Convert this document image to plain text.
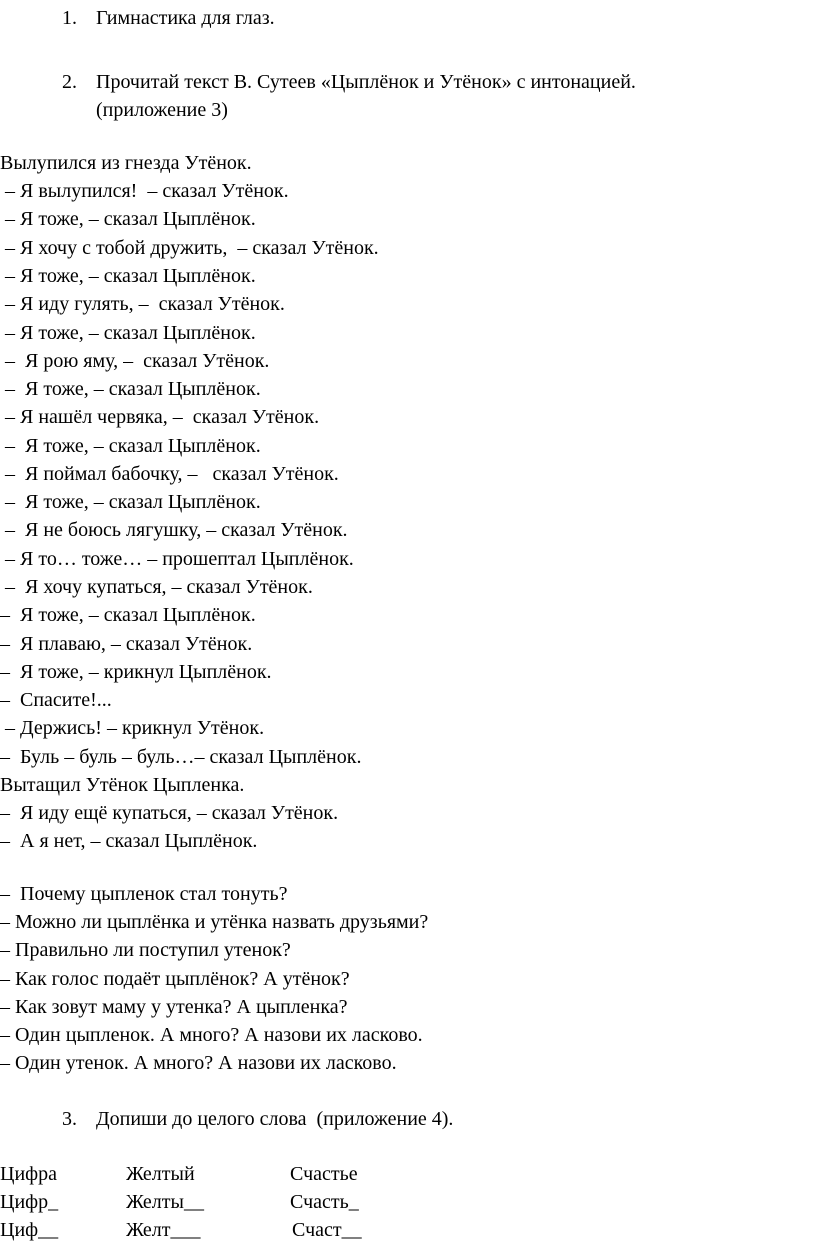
1. Гимнастика для глаз.
2. Прочитай текст В. Сутеев «Цыплёнок и Утёнок» с интонацией.
(приложение 3)
Вылупился из гнезда Утёнок.
– Я вылупился!  – сказал Утёнок.
– Я тоже, – сказал Цыплёнок.
– Я хочу с тобой дружить,  – сказал Утёнок.
– Я тоже, – сказал Цыплёнок.
– Я иду гулять, –  сказал Утёнок.
– Я тоже, – сказал Цыплёнок.
–  Я рою яму, –  сказал Утёнок.
–  Я тоже, – сказал Цыплёнок.
– Я нашёл червяка, –  сказал Утёнок.
–  Я тоже, – сказал Цыплёнок.
–  Я поймал бабочку, –   сказал Утёнок.
–  Я тоже, – сказал Цыплёнок.
–  Я не боюсь лягушку, – сказал Утёнок.
– Я то… тоже… – прошептал Цыплёнок.
–  Я хочу купаться, – сказал Утёнок.
–  Я тоже, – сказал Цыплёнок.
–  Я плаваю, – сказал Утёнок.
–  Я тоже, – крикнул Цыплёнок.
–  Спасите!...
– Держись! – крикнул Утёнок.
–  Буль – буль – буль…– сказал Цыплёнок.
Вытащил Утёнок Цыпленка.
–  Я иду ещё купаться, – сказал Утёнок.
–  А я нет, – сказал Цыплёнок.
–  Почему цыпленок стал тонуть?
– Можно ли цыплёнка и утёнка назвать друзьями?
– Правильно ли поступил утенок?
– Как голос подаёт цыплёнок? А утёнок?
– Как зовут маму у утенка? А цыпленка?
– Один цыпленок. А много? А назови их ласково.
– Один утенок. А много? А назови их ласково.
3. Допиши до целого слова  (приложение 4).
Цифра	Желтый	Счастье
Цифр_	Желты__	Счасть_
Циф__	Желт___	Счаст__
